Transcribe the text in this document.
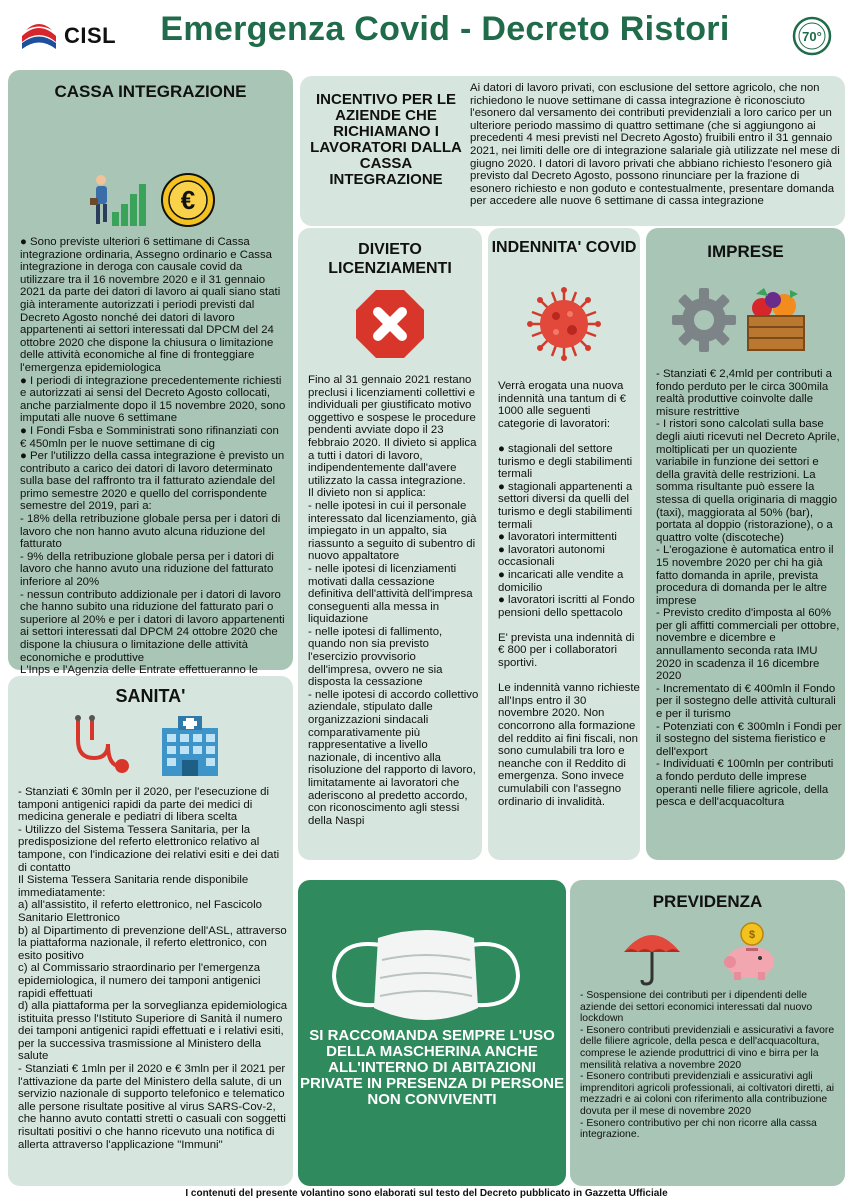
CISL	Emergenza Covid - Decreto Ristori	70°
CASSA INTEGRAZIONE
€
● Sono previste ulteriori 6 settimane di Cassa integrazione ordinaria, Assegno ordinario e Cassa integrazione in deroga con causale covid da utilizzare tra il 16 novembre 2020 e il 31 gennaio 2021 da parte dei datori di lavoro ai quali siano stati già interamente autorizzati i periodi previsti dal Decreto Agosto nonché dei datori di lavoro appartenenti ai settori interessati dal DPCM del 24 ottobre 2020 che dispone la chiusura o limitazione delle attività economiche al fine di fronteggiare l'emergenza epidemiologica
● I periodi di integrazione precedentemente richiesti e autorizzati ai sensi del Decreto Agosto collocati, anche parzialmente dopo il 15 novembre 2020, sono imputati alle nuove 6 settimane
● I Fondi Fsba e Somministrati sono rifinanziati con € 450mln per le nuove settimane di cig
● Per l'utilizzo della cassa integrazione è previsto un contributo a carico dei datori di lavoro determinato sulla base del raffronto tra il fatturato aziendale del primo semestre 2020 e quello del corrispondente semestre del 2019, pari a:
- 18% della retribuzione globale persa per i datori di lavoro che non hanno avuto alcuna riduzione del fatturato
- 9% della retribuzione globale persa per i datori di lavoro che hanno avuto una riduzione del fatturato inferiore al 20%
- nessun contributo addizionale per i datori di lavoro che hanno subito una riduzione del fatturato pari o superiore al 20% e per i datori di lavoro appartenenti ai settori interessati dal DPCM 24 ottobre 2020 che dispone la chiusura o limitazione delle attività economiche e produttive
L'Inps e l'Agenzia delle Entrate effettueranno le
INCENTIVO PER LE AZIENDE CHE RICHIAMANO I LAVORATORI DALLA CASSA INTEGRAZIONE
Ai datori di lavoro privati, con esclusione del settore agricolo, che non richiedono le nuove settimane di cassa integrazione è riconosciuto l'esonero dal versamento dei contributi previdenziali a loro carico per un ulteriore periodo massimo di quattro settimane (che si aggiungono ai precedenti 4 mesi previsti nel Decreto Agosto) fruibili entro il 31 gennaio 2021, nei limiti delle ore di integrazione salariale già utilizzate nel mese di giugno 2020. I datori di lavoro privati che abbiano richiesto l'esonero già previsto dal Decreto Agosto, possono rinunciare per la frazione di esonero richiesto e non goduto e contestualmente, presentare domanda per accedere alle nuove 6 settimane di cassa integrazione
DIVIETO LICENZIAMENTI
Fino al 31 gennaio 2021 restano preclusi i licenziamenti collettivi e individuali per giustificato motivo oggettivo e sospese le procedure pendenti avviate dopo il 23 febbraio 2020. Il divieto si applica a tutti i datori di lavoro, indipendentemente dall'avere utilizzato la cassa integrazione.
Il divieto non si applica:
- nelle ipotesi in cui il personale interessato dal licenziamento, già impiegato in un appalto, sia riassunto a seguito di subentro di nuovo appaltatore
- nelle ipotesi di licenziamenti motivati dalla cessazione definitiva dell'attività dell'impresa conseguenti alla messa in liquidazione
- nelle ipotesi di fallimento, quando non sia previsto l'esercizio provvisorio dell'impresa, ovvero ne sia disposta la cessazione
- nelle ipotesi di accordo collettivo aziendale, stipulato dalle organizzazioni sindacali comparativamente più rappresentative a livello nazionale, di incentivo alla risoluzione del rapporto di lavoro, limitatamente ai lavoratori che aderiscono al predetto accordo, con riconoscimento agli stessi della Naspi
INDENNITA' COVID
Verrà erogata una nuova indennità una tantum di € 1000 alle seguenti categorie di lavoratori:

● stagionali del settore turismo e degli stabilimenti termali
● stagionali appartenenti a settori diversi da quelli del turismo e degli stabilimenti termali
● lavoratori intermittenti
● lavoratori autonomi occasionali
● incaricati alle vendite a domicilio
● lavoratori iscritti al Fondo pensioni dello spettacolo

E' prevista una indennità di € 800 per i collaboratori sportivi.

Le indennità vanno richieste all'Inps entro il 30 novembre 2020. Non concorrono alla formazione del reddito ai fini fiscali, non sono cumulabili tra loro e neanche con il Reddito di emergenza. Sono invece cumulabili con l'assegno ordinario di invalidità.
IMPRESE
- Stanziati € 2,4mld per contributi a fondo perduto per le circa 300mila realtà produttive coinvolte dalle misure restrittive
- I ristori sono calcolati sulla base degli aiuti ricevuti nel Decreto Aprile, moltiplicati per un quoziente variabile in funzione dei settori e della gravità delle restrizioni. La somma risultante può essere la stessa di quella originaria di maggio (taxi), maggiorata al 50% (bar), portata al doppio (ristorazione), o a quattro volte (discoteche)
- L'erogazione è automatica entro il 15 novembre 2020 per chi ha già fatto domanda in aprile, prevista procedura di domanda per le altre imprese
- Previsto credito d'imposta al 60% per gli affitti commerciali per ottobre, novembre e dicembre e annullamento seconda rata IMU 2020 in scadenza il 16 dicembre 2020
- Incrementato di € 400mln il Fondo per il sostegno delle attività culturali e per il turismo
- Potenziati con € 300mln i Fondi per il sostegno del sistema fieristico e dell'export
- Individuati € 100mln per contributi a fondo perduto delle imprese operanti nelle filiere agricole, della pesca e dell'acquacoltura
SANITA'
- Stanziati € 30mln per il 2020, per l'esecuzione di tamponi antigenici rapidi da parte dei medici di medicina generale e pediatri di libera scelta
- Utilizzo del Sistema Tessera Sanitaria, per la predisposizione del referto elettronico relativo al tampone, con l'indicazione dei relativi esiti e dei dati di contatto
Il Sistema Tessera Sanitaria rende disponibile immediatamente:
a) all'assistito, il referto elettronico, nel Fascicolo Sanitario Elettronico
b) al Dipartimento di prevenzione dell'ASL, attraverso la piattaforma nazionale, il referto elettronico, con esito positivo
c) al Commissario straordinario per l'emergenza epidemiologica, il numero dei tamponi antigenici rapidi effettuati
d) alla piattaforma per la sorveglianza epidemiologica istituita presso l'Istituto Superiore di Sanità il numero dei tamponi antigenici rapidi effettuati e i relativi esiti, per la successiva trasmissione al Ministero della salute
- Stanziati € 1mln per il 2020 e € 3mln per il 2021 per l'attivazione da parte del Ministero della salute, di un servizio nazionale di supporto telefonico e telematico alle persone risultate positive al virus SARS-Cov-2, che hanno avuto contatti stretti o casuali con soggetti risultati positivi o che hanno ricevuto una notifica di allerta attraverso l'applicazione "Immuni"
SI RACCOMANDA SEMPRE L'USO DELLA MASCHERINA ANCHE ALL'INTERNO DI ABITAZIONI PRIVATE IN PRESENZA DI PERSONE NON CONVIVENTI
PREVIDENZA
$
- Sospensione dei contributi per i dipendenti delle aziende dei settori economici interessati dal nuovo lockdown
- Esonero contributi previdenziali e assicurativi a favore delle filiere agricole, della pesca e dell'acquacoltura, comprese le aziende produttrici di vino e birra per la mensilità relativa a novembre 2020
- Esonero contributi previdenziali e assicurativi agli imprenditori agricoli professionali, ai coltivatori diretti, ai mezzadri e ai coloni con riferimento alla contribuzione dovuta per il mese di novembre 2020
- Esonero contributivo per chi non ricorre alla cassa integrazione.
I contenuti del presente volantino sono elaborati sul testo del Decreto pubblicato in Gazzetta Ufficiale
